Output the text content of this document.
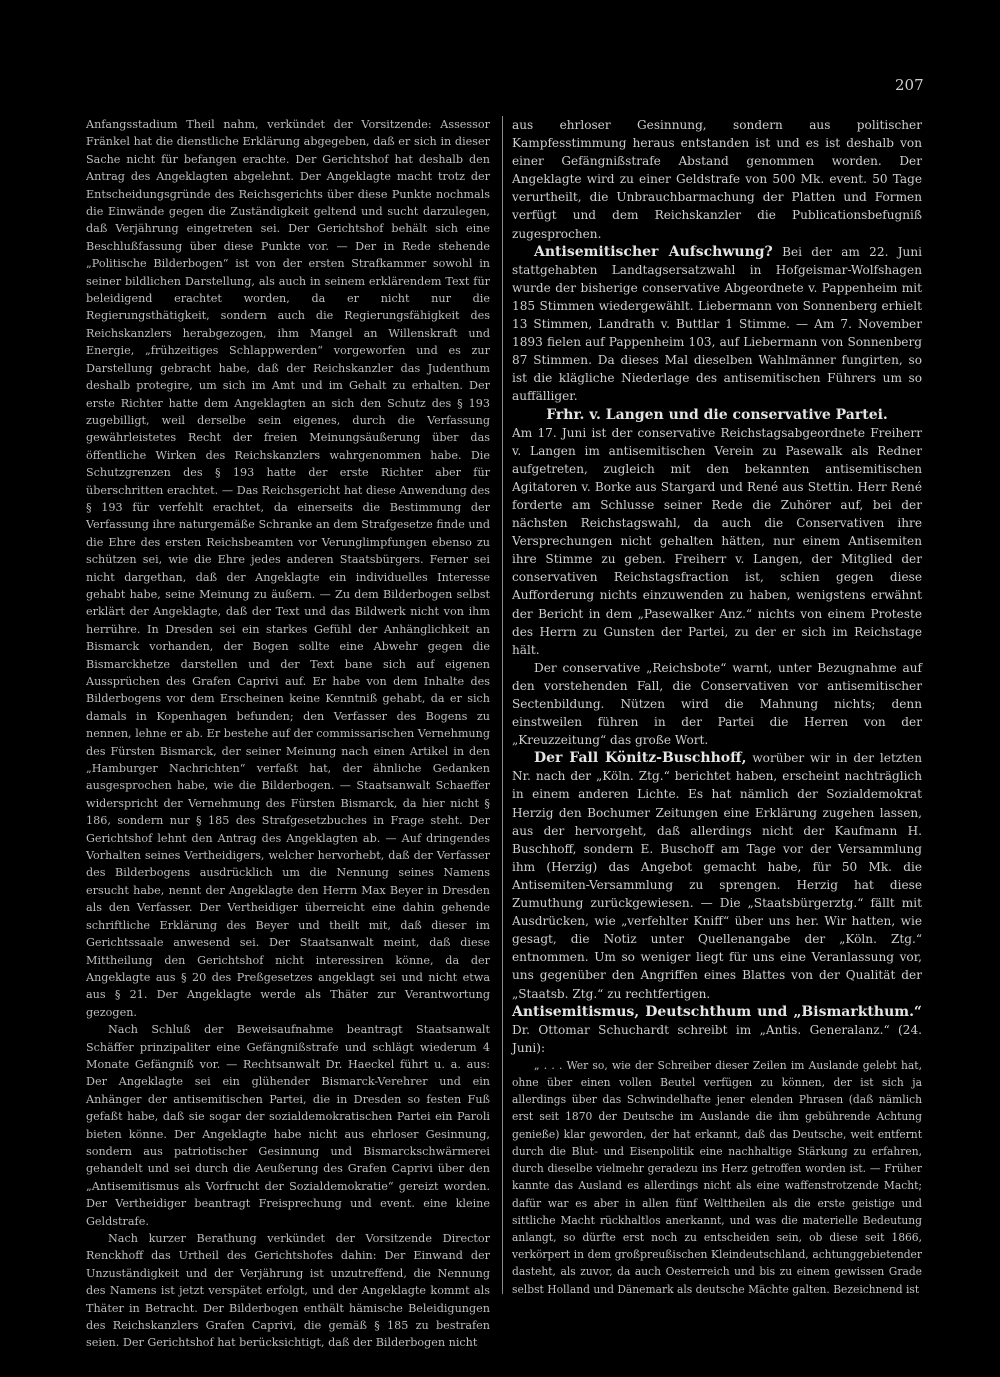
207

Anfangsstadium Theil nahm, verkündet der Vorsitzende: Assessor Fränkel hat die dienstliche Erklärung abgegeben, daß er sich in dieser Sache nicht für befangen erachte. Der Gerichtshof hat deshalb den Antrag des Angeklagten abgelehnt. Der Angeklagte macht trotz der Entscheidungsgründe des Reichsgerichts über diese Punkte nochmals die Einwände gegen die Zuständigkeit geltend und sucht darzulegen, daß Verjährung eingetreten sei. Der Gerichtshof behält sich eine Beschlußfassung über diese Punkte vor. — Der in Rede stehende „Politische Bilderbogen“ ist von der ersten Strafkammer sowohl in seiner bildlichen Darstellung, als auch in seinem erklärendem Text für beleidigend erachtet worden, da er nicht nur die Regierungsthätigkeit, sondern auch die Regierungsfähigkeit des Reichskanzlers herabgezogen, ihm Mangel an Willenskraft und Energie, „frühzeitiges Schlappwerden“ vorgeworfen und es zur Darstellung gebracht habe, daß der Reichskanzler das Judenthum deshalb protegire, um sich im Amt und im Gehalt zu erhalten. Der erste Richter hatte dem Angeklagten an sich den Schutz des § 193 zugebilligt, weil derselbe sein eigenes, durch die Verfassung gewährleistetes Recht der freien Meinungsäußerung über das öffentliche Wirken des Reichskanzlers wahrgenommen habe. Die Schutzgrenzen des § 193 hatte der erste Richter aber für überschritten erachtet. — Das Reichsgericht hat diese Anwendung des § 193 für verfehlt erachtet, da einerseits die Bestimmung der Verfassung ihre naturgemäße Schranke an dem Strafgesetze finde und die Ehre des ersten Reichsbeamten vor Verunglimpfungen ebenso zu schützen sei, wie die Ehre jedes anderen Staatsbürgers. Ferner sei nicht dargethan, daß der Angeklagte ein individuelles Interesse gehabt habe, seine Meinung zu äußern. — Zu dem Bilderbogen selbst erklärt der Angeklagte, daß der Text und das Bildwerk nicht von ihm herrühre. In Dresden sei ein starkes Gefühl der Anhänglichkeit an Bismarck vorhanden, der Bogen sollte eine Abwehr gegen die Bismarckhetze darstellen und der Text bane sich auf eigenen Aussprüchen des Grafen Caprivi auf. Er habe von dem Inhalte des Bilderbogens vor dem Erscheinen keine Kenntniß gehabt, da er sich damals in Kopenhagen befunden; den Verfasser des Bogens zu nennen, lehne er ab. Er bestehe auf der commissarischen Vernehmung des Fürsten Bismarck, der seiner Meinung nach einen Artikel in den „Hamburger Nachrichten“ verfaßt hat, der ähnliche Gedanken ausgesprochen habe, wie die Bilderbogen. — Staatsanwalt Schaeffer widerspricht der Vernehmung des Fürsten Bismarck, da hier nicht § 186, sondern nur § 185 des Strafgesetzbuches in Frage steht. Der Gerichtshof lehnt den Antrag des Angeklagten ab. — Auf dringendes Vorhalten seines Vertheidigers, welcher hervorhebt, daß der Verfasser des Bilderbogens ausdrücklich um die Nennung seines Namens ersucht habe, nennt der Angeklagte den Herrn Max Beyer in Dresden als den Verfasser. Der Vertheidiger überreicht eine dahin gehende schriftliche Erklärung des Beyer und theilt mit, daß dieser im Gerichtssaale anwesend sei. Der Staatsanwalt meint, daß diese Mittheilung den Gerichtshof nicht interessiren könne, da der Angeklagte aus § 20 des Preßgesetzes angeklagt sei und nicht etwa aus § 21. Der Angeklagte werde als Thäter zur Verantwortung gezogen.

Nach Schluß der Beweisaufnahme beantragt Staatsanwalt Schäffer prinzipaliter eine Gefängnißstrafe und schlägt wiederum 4 Monate Gefängniß vor. — Rechtsanwalt Dr. Haeckel führt u. a. aus: Der Angeklagte sei ein glühender Bismarck-Verehrer und ein Anhänger der antisemitischen Partei, die in Dresden so festen Fuß gefaßt habe, daß sie sogar der sozialdemokratischen Partei ein Paroli bieten könne. Der Angeklagte habe nicht aus ehrloser Gesinnung, sondern aus patriotischer Gesinnung und Bismarckschwärmerei gehandelt und sei durch die Aeußerung des Grafen Caprivi über den „Antisemitismus als Vorfrucht der Sozialdemokratie“ gereizt worden. Der Vertheidiger beantragt Freisprechung und event. eine kleine Geldstrafe.

Nach kurzer Berathung verkündet der Vorsitzende Director Renckhoff das Urtheil des Gerichtshofes dahin: Der Einwand der Unzuständigkeit und der Verjährung ist unzutreffend, die Nennung des Namens ist jetzt verspätet erfolgt, und der Angeklagte kommt als Thäter in Betracht. Der Bilderbogen enthält hämische Beleidigungen des Reichskanzlers Grafen Caprivi, die gemäß § 185 zu bestrafen seien. Der Gerichtshof hat berücksichtigt, daß der Bilderbogen nicht

aus ehrloser Gesinnung, sondern aus politischer Kampfesstimmung heraus entstanden ist und es ist deshalb von einer Gefängnißstrafe Abstand genommen worden. Der Angeklagte wird zu einer Geldstrafe von 500 Mk. event. 50 Tage verurtheilt, die Unbrauchbarmachung der Platten und Formen verfügt und dem Reichskanzler die Publicationsbefugniß zugesprochen.

Antisemitischer Aufschwung? Bei der am 22. Juni stattgehabten Landtagsersatzwahl in Hofgeismar-Wolfshagen wurde der bisherige conservative Abgeordnete v. Pappenheim mit 185 Stimmen wiedergewählt. Liebermann von Sonnenberg erhielt 13 Stimmen, Landrath v. Buttlar 1 Stimme. — Am 7. November 1893 fielen auf Pappenheim 103, auf Liebermann von Sonnenberg 87 Stimmen. Da dieses Mal dieselben Wahlmänner fungirten, so ist die klägliche Niederlage des antisemitischen Führers um so auffälliger.

Frhr. v. Langen und die conservative Partei.

Am 17. Juni ist der conservative Reichstagsabgeordnete Freiherr v. Langen im antisemitischen Verein zu Pasewalk als Redner aufgetreten, zugleich mit den bekannten antisemitischen Agitatoren v. Borke aus Stargard und René aus Stettin. Herr René forderte am Schlusse seiner Rede die Zuhörer auf, bei der nächsten Reichstagswahl, da auch die Conservativen ihre Versprechungen nicht gehalten hätten, nur einem Antisemiten ihre Stimme zu geben. Freiherr v. Langen, der Mitglied der conservativen Reichstagsfraction ist, schien gegen diese Aufforderung nichts einzuwenden zu haben, wenigstens erwähnt der Bericht in dem „Pasewalker Anz.“ nichts von einem Proteste des Herrn zu Gunsten der Partei, zu der er sich im Reichstage hält.

Der conservative „Reichsbote“ warnt, unter Bezugnahme auf den vorstehenden Fall, die Conservativen vor antisemitischer Sectenbildung. Nützen wird die Mahnung nichts; denn einstweilen führen in der Partei die Herren von der „Kreuzzeitung“ das große Wort.

Der Fall Könitz-Buschhoff, worüber wir in der letzten Nr. nach der „Köln. Ztg.“ berichtet haben, erscheint nachträglich in einem anderen Lichte. Es hat nämlich der Sozialdemokrat Herzig den Bochumer Zeitungen eine Erklärung zugehen lassen, aus der hervorgeht, daß allerdings nicht der Kaufmann H. Buschhoff, sondern E. Buschoff am Tage vor der Versammlung ihm (Herzig) das Angebot gemacht habe, für 50 Mk. die Antisemiten-Versammlung zu sprengen. Herzig hat diese Zumuthung zurückgewiesen. — Die „Staatsbürgerztg.“ fällt mit Ausdrücken, wie „verfehlter Kniff“ über uns her. Wir hatten, wie gesagt, die Notiz unter Quellenangabe der „Köln. Ztg.“ entnommen. Um so weniger liegt für uns eine Veranlassung vor, uns gegenüber den Angriffen eines Blattes von der Qualität der „Staatsb. Ztg.“ zu rechtfertigen.

Antisemitismus, Deutschthum und „Bismarkthum.“ Dr. Ottomar Schuchardt schreibt im „Antis. Generalanz.“ (24. Juni):

„ . . . Wer so, wie der Schreiber dieser Zeilen im Auslande gelebt hat, ohne über einen vollen Beutel verfügen zu können, der ist sich ja allerdings über das Schwindelhafte jener elenden Phrasen (daß nämlich erst seit 1870 der Deutsche im Auslande die ihm gebührende Achtung genieße) klar geworden, der hat erkannt, daß das Deutsche, weit entfernt durch die Blut- und Eisenpolitik eine nachhaltige Stärkung zu erfahren, durch dieselbe vielmehr geradezu ins Herz getroffen worden ist. — Früher kannte das Ausland es allerdings nicht als eine waffenstrotzende Macht; dafür war es aber in allen fünf Welttheilen als die erste geistige und sittliche Macht rückhaltlos anerkannt, und was die materielle Bedeutung anlangt, so dürfte erst noch zu entscheiden sein, ob diese seit 1866, verkörpert in dem großpreußischen Kleindeutschland, achtunggebietender dasteht, als zuvor, da auch Oesterreich und bis zu einem gewissen Grade selbst Holland und Dänemark als deutsche Mächte galten. Bezeichnend ist
